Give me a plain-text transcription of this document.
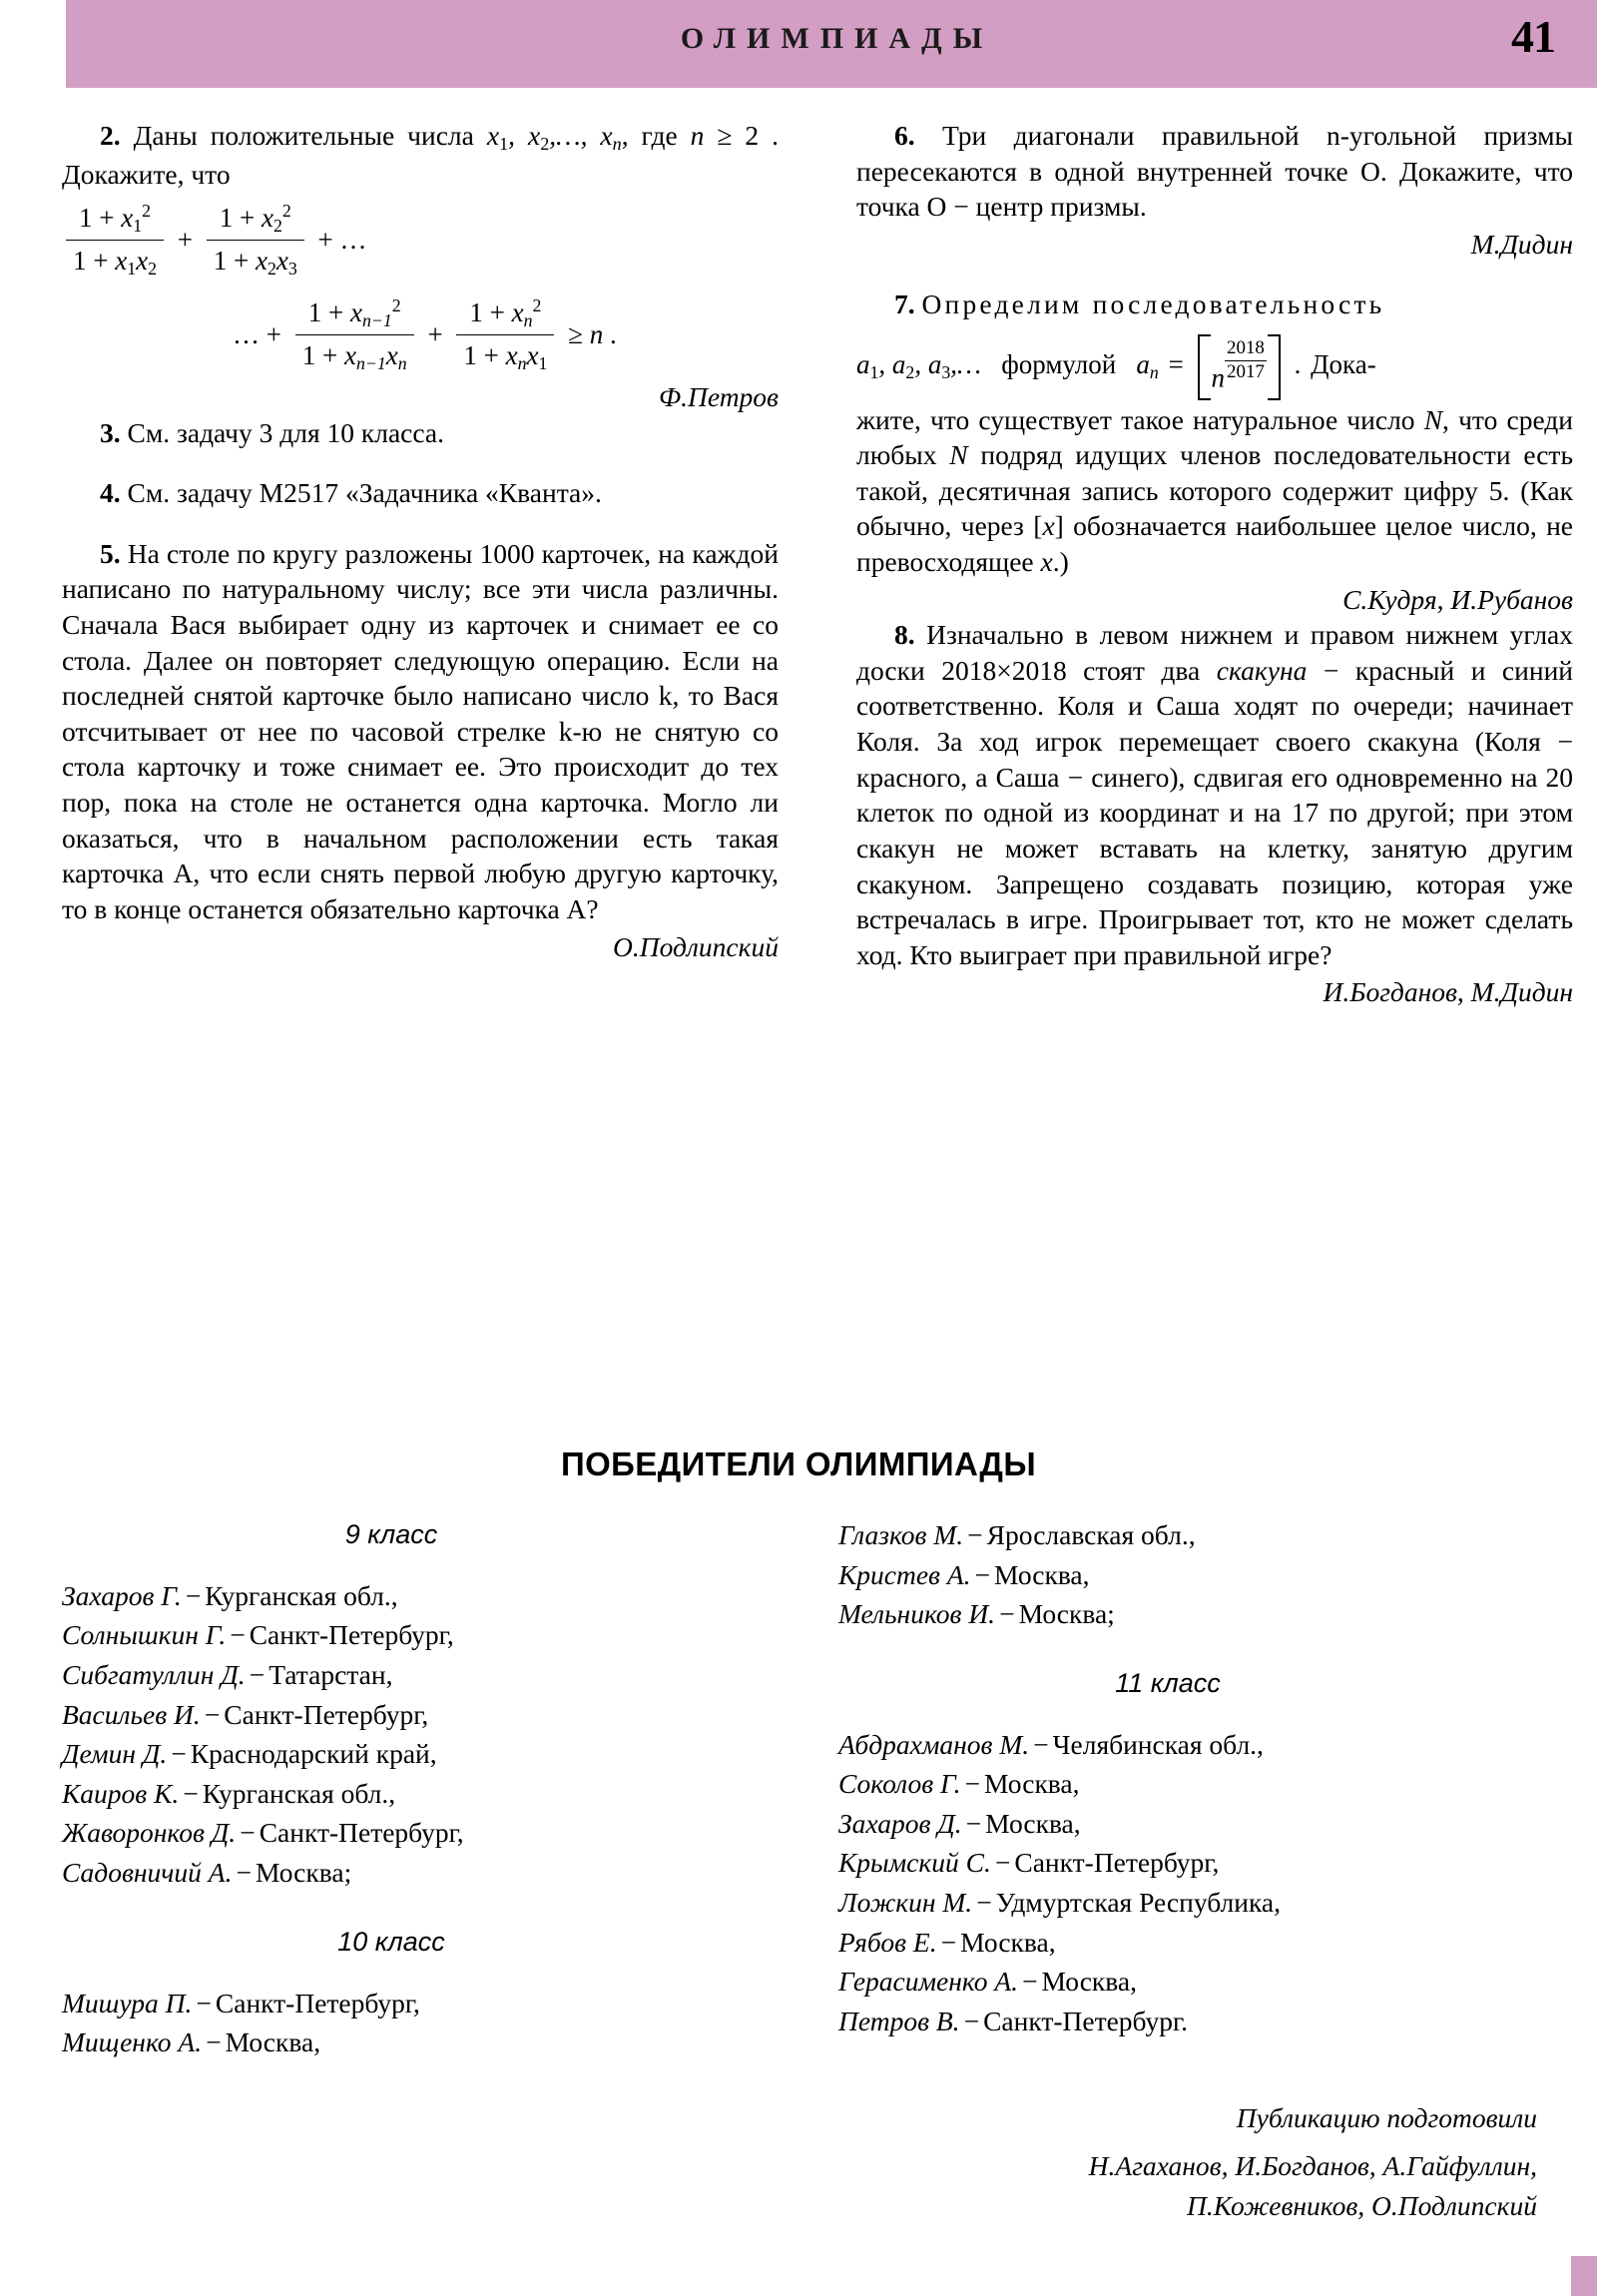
ОЛИМПИАДЫ	41
2. Даны положительные числа $x_1$, $x_2,\dots$, $x_n$, где n ≥ 2 . Докажите, что
$\frac{1 + x_1^2}{1 + x_1x_2} + \frac{1 + x_2^2}{1 + x_2x_3}$ + …
… + $\frac{1 + x_{n-1}^2}{1 + x_{n-1}x_n} + \frac{1 + x_n^2}{1 + x_nx_1} \ge n$ .
Ф.Петров
3. См. задачу 3 для 10 класса.
4. См. задачу М2517 «Задачника «Кванта».
5. На столе по кругу разложены 1000 карточек, на каждой написано по натуральному числу; все эти числа различны. Сначала Вася выбирает одну из карточек и снимает ее со стола. Далее он повторяет следующую операцию. Если на последней снятой карточке было написано число k, то Вася отсчитывает от нее по часовой стрелке k-ю не снятую со стола карточку и тоже снимает ее. Это происходит до тех пор, пока на столе не останется одна карточка. Могло ли оказаться, что в начальном расположении есть такая карточка A, что если снять первой любую другую карточку, то в конце останется обязательно карточка A?
О.Подлипский
6. Три диагонали правильной n-угольной призмы пересекаются в одной внутренней точке O. Докажите, что точка O − центр призмы.
М.Дидин
7. Определим последовательность
$a_1$, $a_2$, $a_3,\dots$ формулой $a_n = n \frac{2018}{2017}$ . Дока-
жите, что существует такое натуральное число N, что среди любых N подряд идущих членов последовательности есть такой, десятичная запись которого содержит цифру 5. (Как обычно, через [x] обозначается наибольшее целое число, не превосходящее x.)
С.Кудря, И.Рубанов
8. Изначально в левом нижнем и правом нижнем углах доски 2018×2018 стоят два скакуна − красный и синий соответственно. Коля и Саша ходят по очереди; начинает Коля. За ход игрок перемещает своего скакуна (Коля − красного, а Саша − синего), сдвигая его одновременно на 20 клеток по одной из координат и на 17 по другой; при этом скакун не может вставать на клетку, занятую другим скакуном. Запрещено создавать позицию, которая уже встречалась в игре. Проигрывает тот, кто не может сделать ход. Кто выиграет при правильной игре?
И.Богданов, М.Дидин
ПОБЕДИТЕЛИ ОЛИМПИАДЫ
9 класс
Захаров Г. − Курганская обл.,
Солнышкин Г. − Санкт-Петербург,
Сибгатуллин Д. − Татарстан,
Васильев И. − Санкт-Петербург,
Демин Д. − Краснодарский край,
Каиров К. − Курганская обл.,
Жаворонков Д. − Санкт-Петербург,
Садовничий А. − Москва;
10 класс
Мишура П. − Санкт-Петербург,
Мищенко А. − Москва,
Глазков М. − Ярославская обл.,
Кристев А. − Москва,
Мельников И. − Москва;
11 класс
Абдрахманов М. − Челябинская обл.,
Соколов Г. − Москва,
Захаров Д. − Москва,
Крымский С. − Санкт-Петербург,
Ложкин М. − Удмуртская Республика,
Рябов Е. − Москва,
Герасименко А. − Москва,
Петров В. − Санкт-Петербург.
Публикацию подготовили
Н.Агаханов, И.Богданов, А.Гайфуллин,
П.Кожевников, О.Подлипский
